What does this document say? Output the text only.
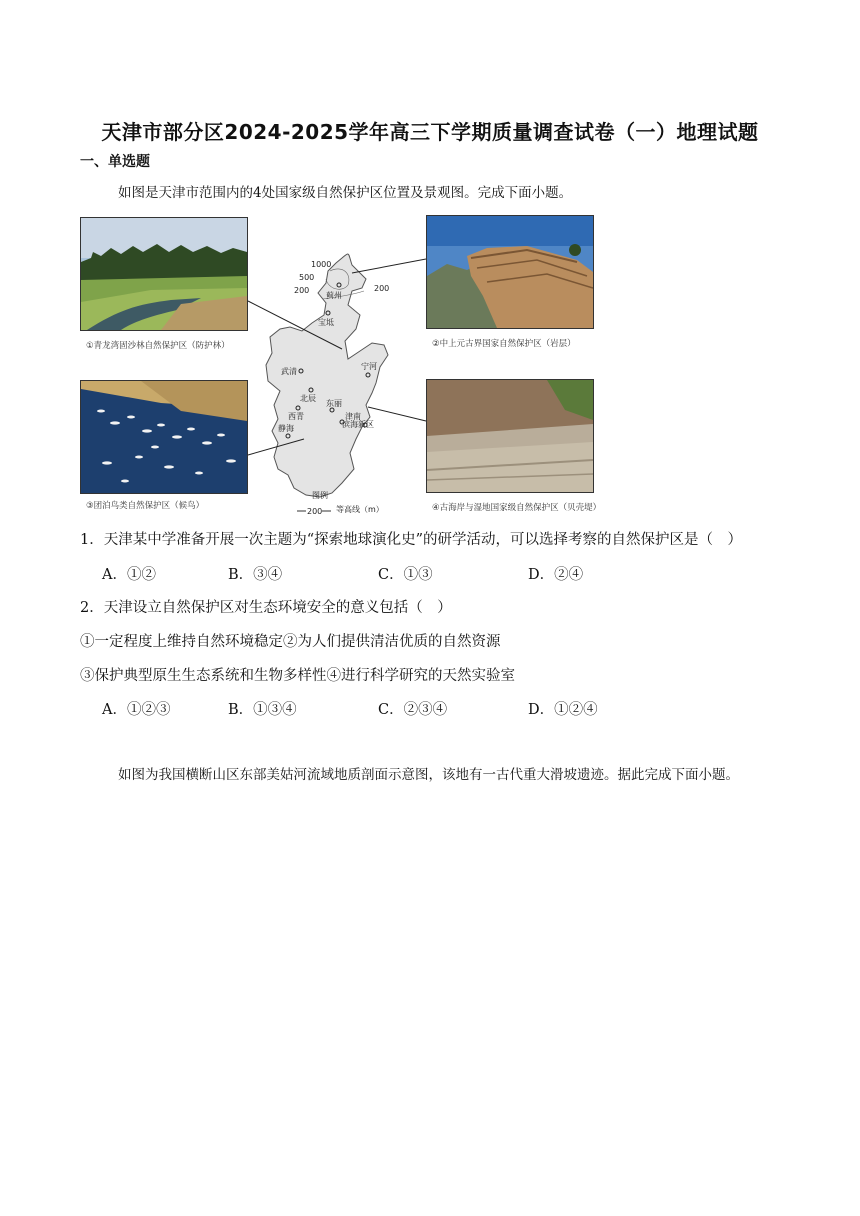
天津市部分区2024-2025学年高三下学期质量调查试卷（一）地理试题
一、单选题
如图是天津市范围内的4处国家级自然保护区位置及景观图。完成下面小题。
1000
500
200	200
蓟州
宝坻
宁河
武清
北辰
东丽
西青	津南
静海	滨海新区
图例
200 等高线（m）
①青龙湾固沙林自然保护区（防护林）	②中上元古界国家自然保护区（岩层）
③团泊鸟类自然保护区（候鸟）	④古海岸与湿地国家级自然保护区（贝壳堤）
1．天津某中学准备开展一次主题为“探索地球演化史”的研学活动，可以选择考察的自然保护区是（　）
A．①②	B．③④	C．①③	D．②④
2．天津设立自然保护区对生态环境安全的意义包括（　）
①一定程度上维持自然环境稳定②为人们提供清洁优质的自然资源
③保护典型原生生态系统和生物多样性④进行科学研究的天然实验室
A．①②③	B．①③④	C．②③④	D．①②④
如图为我国横断山区东部美姑河流域地质剖面示意图，该地有一古代重大滑坡遗迹。据此完成下面小题。
